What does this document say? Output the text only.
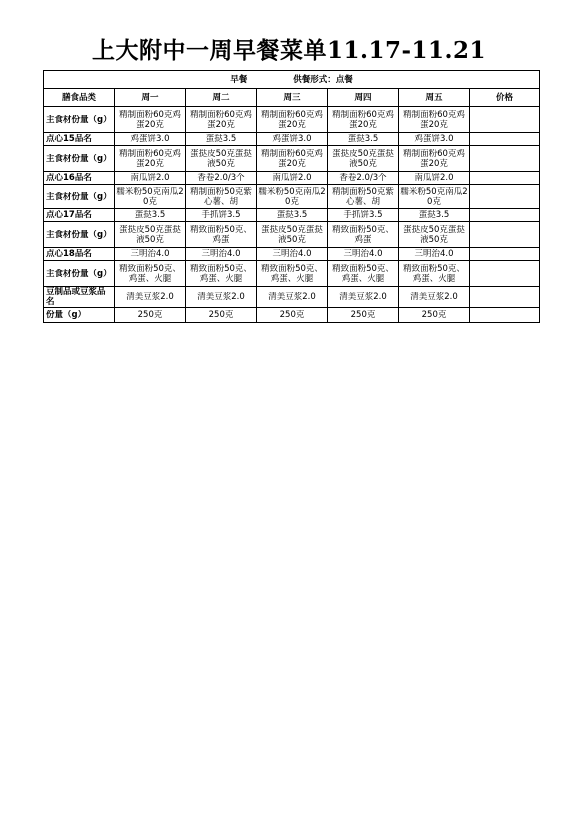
上大附中一周早餐菜单11.17-11.21
早餐 供餐形式：点餐						

膳食品类	周一	周二	周三	周四	周五	价格

主食材份量（g）	精制面粉60克鸡蛋20克	精制面粉60克鸡蛋20克	精制面粉60克鸡蛋20克	精制面粉60克鸡蛋20克	精制面粉60克鸡蛋20克	

点心15品名	鸡蛋饼3.0	蛋挞3.5	鸡蛋饼3.0	蛋挞3.5	鸡蛋饼3.0	

主食材份量（g）	精制面粉60克鸡蛋20克	蛋挞皮50克蛋挞液50克	精制面粉60克鸡蛋20克	蛋挞皮50克蛋挞液50克	精制面粉60克鸡蛋20克	

点心16品名	南瓜饼2.0	香卷2.0/3个	南瓜饼2.0	香卷2.0/3个	南瓜饼2.0	

主食材份量（g）	糯米粉50克南瓜20克	精制面粉50克紫心薯、胡	糯米粉50克南瓜20克	精制面粉50克紫心薯、胡	糯米粉50克南瓜20克	

点心17品名	蛋挞3.5	手抓饼3.5	蛋挞3.5	手抓饼3.5	蛋挞3.5	

主食材份量（g）	蛋挞皮50克蛋挞液50克	精致面粉50克、鸡蛋	蛋挞皮50克蛋挞液50克	精致面粉50克、鸡蛋	蛋挞皮50克蛋挞液50克	

点心18品名	三明治4.0	三明治4.0	三明治4.0	三明治4.0	三明治4.0	

主食材份量（g）	精致面粉50克、鸡蛋、火腿	精致面粉50克、鸡蛋、火腿	精致面粉50克、鸡蛋、火腿	精致面粉50克、鸡蛋、火腿	精致面粉50克、鸡蛋、火腿	

豆制品或豆浆品名	清美豆浆2.0	清美豆浆2.0	清美豆浆2.0	清美豆浆2.0	清美豆浆2.0	

份量（g）	250克	250克	250克	250克	250克	
